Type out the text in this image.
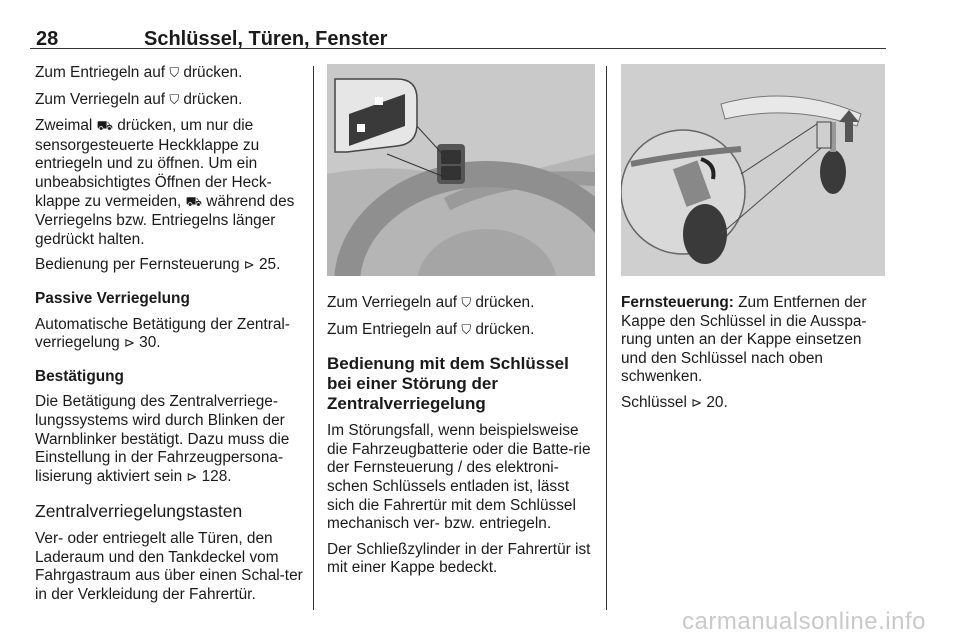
28	Schlüssel, Türen, Fenster

Zum Entriegeln auf ⛉ drücken.

Zum Verriegeln auf ⛉ drücken.

Zweimal ⛟ drücken, um nur die sensorgesteuerte Heckklappe zu entriegeln und zu öffnen. Um ein unbeabsichtigtes Öffnen der Heck-klappe zu vermeiden, ⛟ während des Verriegelns bzw. Entriegelns länger gedrückt halten.

Bedienung per Fernsteuerung ⊳ 25.

Passive Verriegelung

Automatische Betätigung der Zentral-verriegelung ⊳ 30.

Bestätigung

Die Betätigung des Zentralverriege-lungssystems wird durch Blinken der Warnblinker bestätigt. Dazu muss die Einstellung in der Fahrzeugpersona-lisierung aktiviert sein ⊳ 128.

Zentralverriegelungstasten

Ver- oder entriegelt alle Türen, den Laderaum und den Tankdeckel vom Fahrgastraum aus über einen Schal-ter in der Verkleidung der Fahrertür.

Zum Verriegeln auf ⛉ drücken.

Zum Entriegeln auf ⛉ drücken.

Bedienung mit dem Schlüssel bei einer Störung der Zentralverriegelung

Im Störungsfall, wenn beispielsweise die Fahrzeugbatterie oder die Batte-rie der Fernsteuerung / des elektroni-schen Schlüssels entladen ist, lässt sich die Fahrertür mit dem Schlüssel mechanisch ver- bzw. entriegeln.

Der Schließzylinder in der Fahrertür ist mit einer Kappe bedeckt.

Fernsteuerung: Zum Entfernen der Kappe den Schlüssel in die Ausspa-rung unten an der Kappe einsetzen und den Schlüssel nach oben schwenken.

Schlüssel ⊳ 20.

carmanualsonline.info
